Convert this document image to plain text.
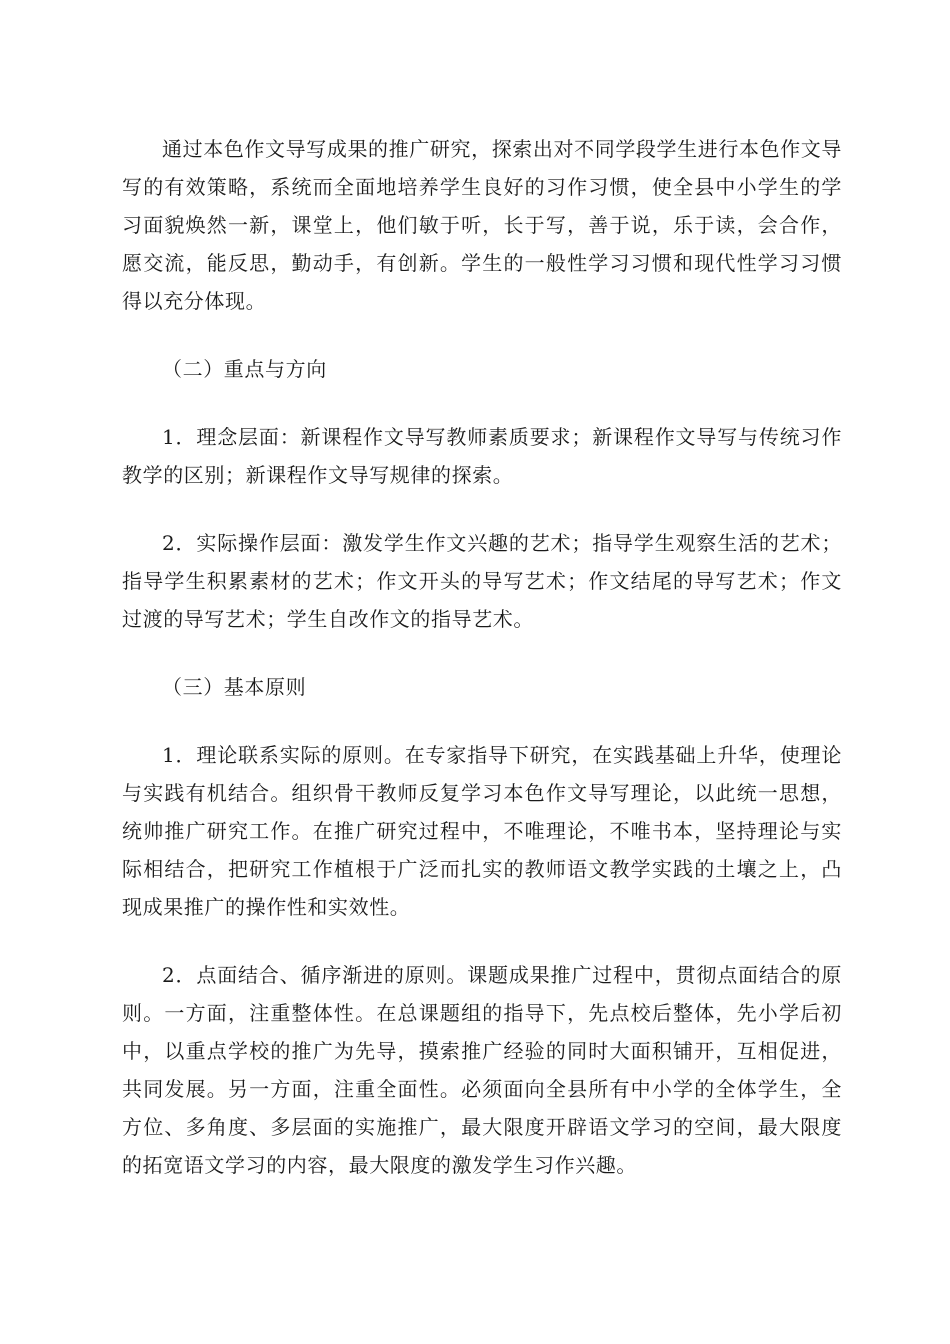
通过本色作文导写成果的推广研究，探索出对不同学段学生进行本色作文导写的有效策略，系统而全面地培养学生良好的习作习惯，使全县中小学生的学习面貌焕然一新，课堂上，他们敏于听，长于写，善于说，乐于读，会合作，愿交流，能反思，勤动手，有创新。学生的一般性学习习惯和现代性学习习惯得以充分体现。

（二）重点与方向

1．理念层面：新课程作文导写教师素质要求；新课程作文导写与传统习作教学的区别；新课程作文导写规律的探索。

2．实际操作层面：激发学生作文兴趣的艺术；指导学生观察生活的艺术；指导学生积累素材的艺术；作文开头的导写艺术；作文结尾的导写艺术；作文过渡的导写艺术；学生自改作文的指导艺术。

（三）基本原则

1．理论联系实际的原则。在专家指导下研究，在实践基础上升华，使理论与实践有机结合。组织骨干教师反复学习本色作文导写理论，以此统一思想，统帅推广研究工作。在推广研究过程中，不唯理论，不唯书本，坚持理论与实际相结合，把研究工作植根于广泛而扎实的教师语文教学实践的土壤之上，凸现成果推广的操作性和实效性。

2．点面结合、循序渐进的原则。课题成果推广过程中，贯彻点面结合的原则。一方面，注重整体性。在总课题组的指导下，先点校后整体，先小学后初中，以重点学校的推广为先导，摸索推广经验的同时大面积铺开，互相促进，共同发展。另一方面，注重全面性。必须面向全县所有中小学的全体学生，全方位、多角度、多层面的实施推广，最大限度开辟语文学习的空间，最大限度的拓宽语文学习的内容，最大限度的激发学生习作兴趣。
